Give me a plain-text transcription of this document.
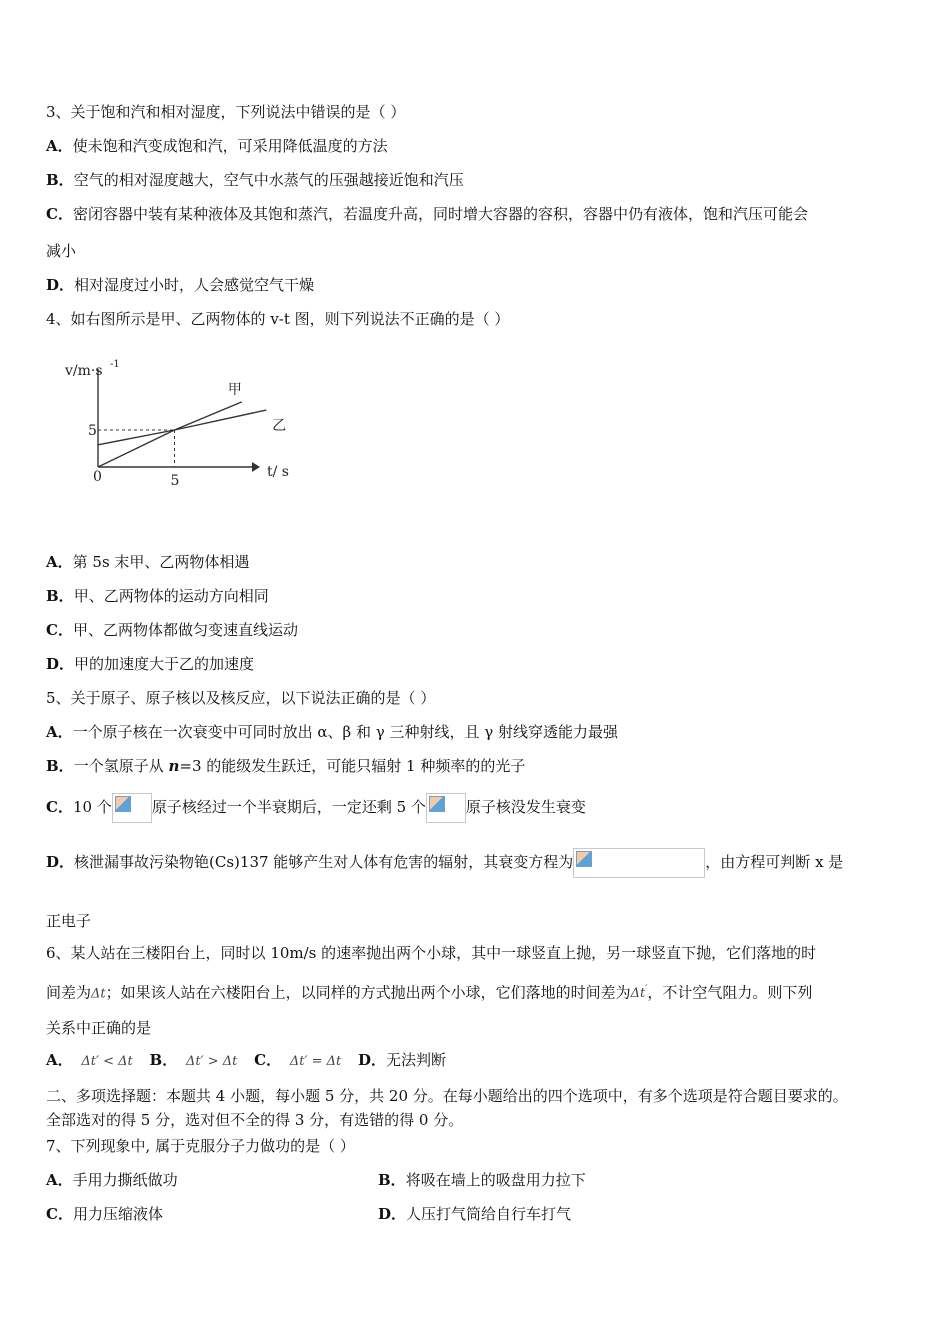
3、关于饱和汽和相对湿度，下列说法中错误的是（ ）
A．使未饱和汽变成饱和汽，可采用降低温度的方法
B．空气的相对湿度越大，空气中水蒸气的压强越接近饱和汽压
C．密闭容器中装有某种液体及其饱和蒸汽，若温度升高，同时增大容器的容积，容器中仍有液体，饱和汽压可能会
减小
D．相对湿度过小时，人会感觉空气干燥
4、如右图所示是甲、乙两物体的 v-t 图，则下列说法不正确的是（ ）
甲
乙
v/m·s -1
t/ s
0	5
5
A．第 5s 末甲、乙两物体相遇
B．甲、乙两物体的运动方向相同
C．甲、乙两物体都做匀变速直线运动
D．甲的加速度大于乙的加速度
5、关于原子、原子核以及核反应，以下说法正确的是（ ）
A．一个原子核在一次衰变中可同时放出 α、β 和 γ 三种射线，且 γ 射线穿透能力最强
B．一个氢原子从 n=3 的能级发生跃迁，可能只辐射 1 种频率的的光子
C．10 个	原子核经过一个半衰期后，一定还剩 5 个	原子核没发生衰变
D．核泄漏事故污染物铯(Cs)137 能够产生对人体有危害的辐射，其衰变方程为	，由方程可判断 x 是
正电子
6、某人站在三楼阳台上，同时以 10m/s 的速率抛出两个小球，其中一球竖直上抛，另一球竖直下抛，它们落地的时
间差为Δt；如果该人站在六楼阳台上，以同样的方式抛出两个小球，它们落地的时间差为Δt′，不计空气阻力。则下列
关系中正确的是
A． Δt′ < Δt B． Δt′ > Δt C． Δt′ = Δt D．无法判断
二、多项选择题：本题共 4 小题，每小题 5 分，共 20 分。在每小题给出的四个选项中，有多个选项是符合题目要求的。
全部选对的得 5 分，选对但不全的得 3 分，有选错的得 0 分。
7、下列现象中, 属于克服分子力做功的是（ ）
A．手用力撕纸做功	B．将吸在墙上的吸盘用力拉下
C．用力压缩液体	D．人压打气筒给自行车打气
